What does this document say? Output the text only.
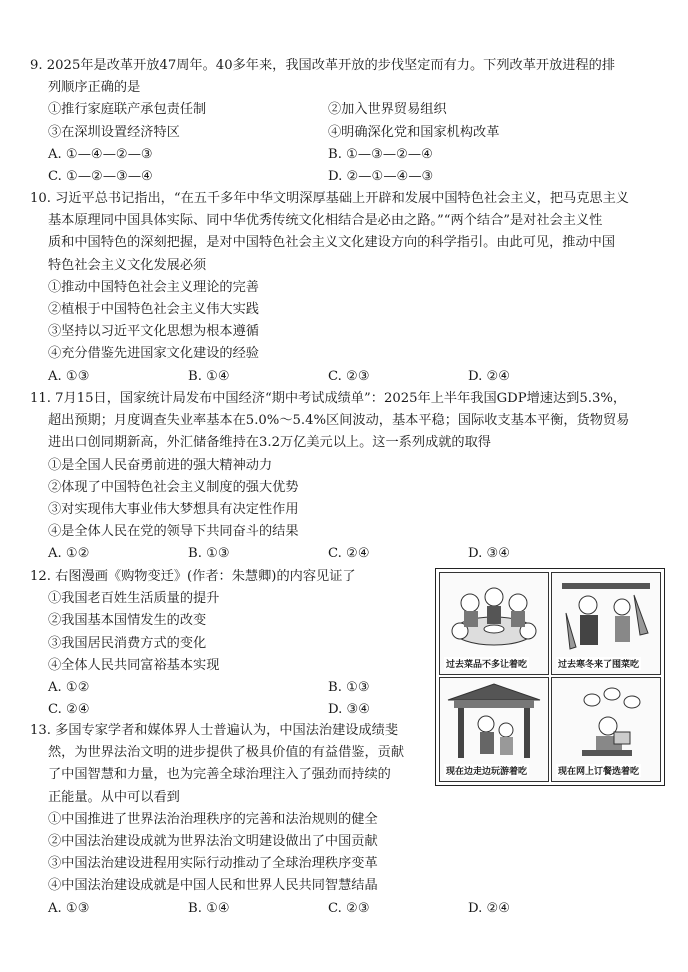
9. 2025年是改革开放47周年。40多年来，我国改革开放的步伐坚定而有力。下列改革开放进程的排
列顺序正确的是
①推行家庭联产承包责任制	②加入世界贸易组织
③在深圳设置经济特区	④明确深化党和国家机构改革
A. ①—④—②—③	B. ①—③—②—④
C. ①—②—③—④	D. ②—①—④—③
10. 习近平总书记指出，“在五千多年中华文明深厚基础上开辟和发展中国特色社会主义，把马克思主义
基本原理同中国具体实际、同中华优秀传统文化相结合是必由之路。”“两个结合”是对社会主义性
质和中国特色的深刻把握，是对中国特色社会主义文化建设方向的科学指引。由此可见，推动中国
特色社会主义文化发展必须
①推动中国特色社会主义理论的完善
②植根于中国特色社会主义伟大实践
③坚持以习近平文化思想为根本遵循
④充分借鉴先进国家文化建设的经验
A. ①③	B. ①④	C. ②③	D. ②④
11. 7月15日，国家统计局发布中国经济“期中考试成绩单”：2025年上半年我国GDP增速达到5.3%，
超出预期；月度调查失业率基本在5.0%～5.4%区间波动，基本平稳；国际收支基本平衡，货物贸易
进出口创同期新高，外汇储备维持在3.2万亿美元以上。这一系列成就的取得
①是全国人民奋勇前进的强大精神动力
②体现了中国特色社会主义制度的强大优势
③对实现伟大事业伟大梦想具有决定性作用
④是全体人民在党的领导下共同奋斗的结果
A. ①②	B. ①③	C. ②④	D. ③④
12. 右图漫画《购物变迁》(作者：朱慧卿)的内容见证了
①我国老百姓生活质量的提升
②我国基本国情发生的改变
③我国居民消费方式的变化
④全体人民共同富裕基本实现
A. ①②	B. ①③
C. ②④	D. ③④
过去菜品不多让着吃	过去寒冬来了囤菜吃
现在边走边玩游着吃	现在网上订餐选着吃
13. 多国专家学者和媒体界人士普遍认为，中国法治建设成绩斐
然，为世界法治文明的进步提供了极具价值的有益借鉴，贡献
了中国智慧和力量，也为完善全球治理注入了强劲而持续的
正能量。从中可以看到
①中国推进了世界法治治理秩序的完善和法治规则的健全
②中国法治建设成就为世界法治文明建设做出了中国贡献
③中国法治建设进程用实际行动推动了全球治理秩序变革
④中国法治建设成就是中国人民和世界人民共同智慧结晶
A. ①③	B. ①④	C. ②③	D. ②④
